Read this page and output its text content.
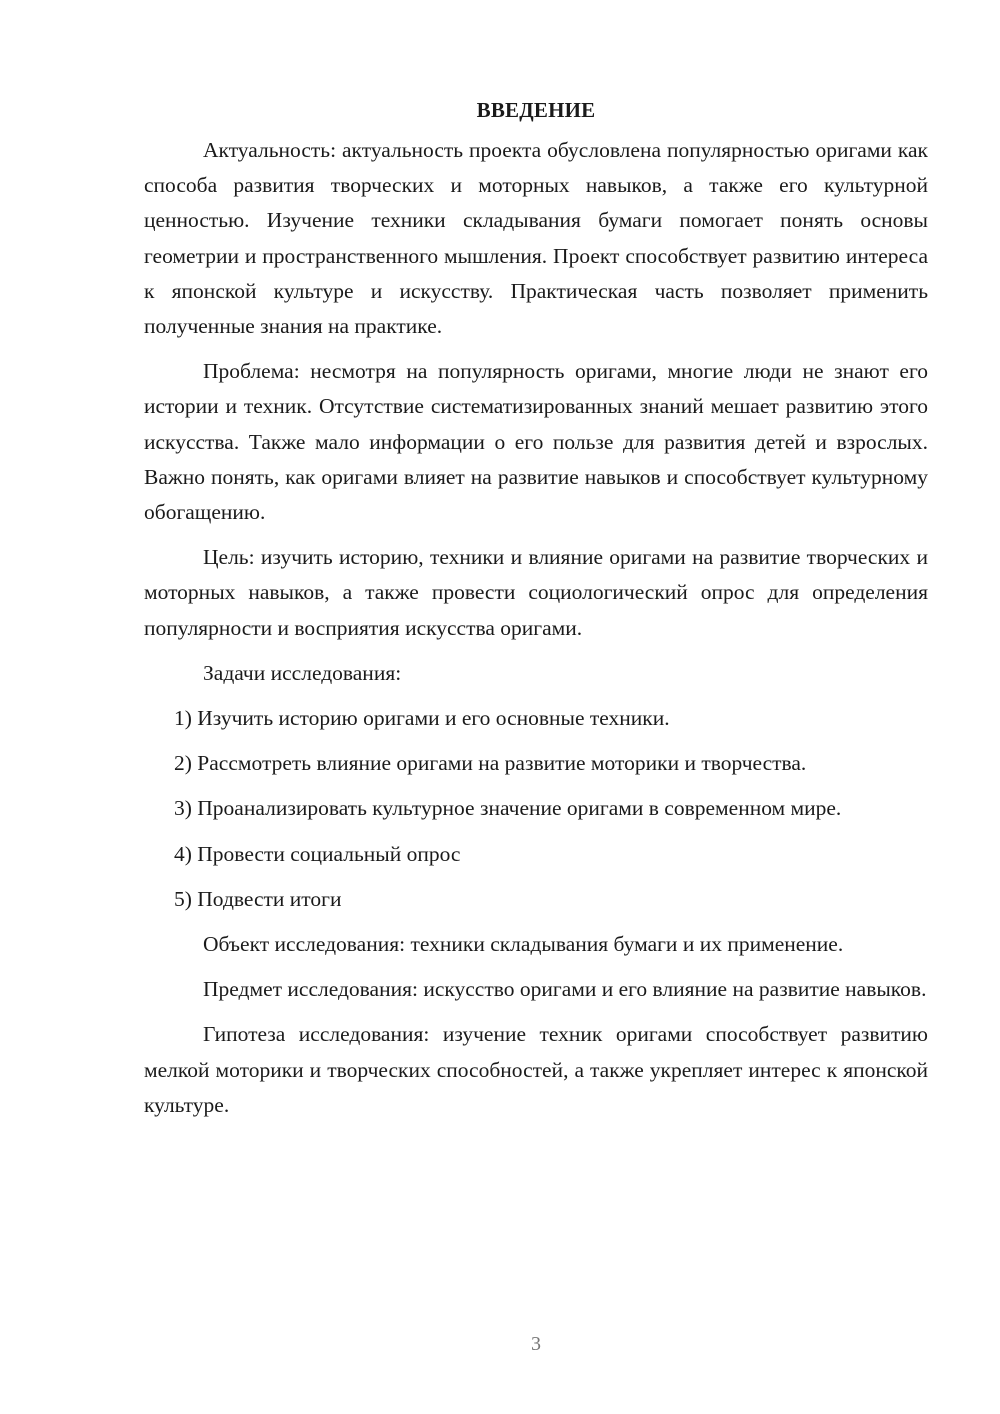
ВВЕДЕНИЕ

Актуальность: актуальность проекта обусловлена популярностью оригами как способа развития творческих и моторных навыков, а также его культурной ценностью. Изучение техники складывания бумаги помогает понять основы геометрии и пространственного мышления. Проект способствует развитию интереса к японской культуре и искусству. Практическая часть позволяет применить полученные знания на практике.

Проблема: несмотря на популярность оригами, многие люди не знают его истории и техник. Отсутствие систематизированных знаний мешает развитию этого искусства. Также мало информации о его пользе для развития детей и взрослых. Важно понять, как оригами влияет на развитие навыков и способствует культурному обогащению.

Цель: изучить историю, техники и влияние оригами на развитие творческих и моторных навыков, а также провести социологический опрос для определения популярности и восприятия искусства оригами.

Задачи исследования:

1) Изучить историю оригами и его основные техники.

2) Рассмотреть влияние оригами на развитие моторики и творчества.

3) Проанализировать культурное значение оригами в современном мире.

4) Провести социальный опрос

5) Подвести итоги

Объект исследования: техники складывания бумаги и их применение.

Предмет исследования: искусство оригами и его влияние на развитие навыков.

Гипотеза исследования: изучение техник оригами способствует развитию мелкой моторики и творческих способностей, а также укрепляет интерес к японской культуре.

3
